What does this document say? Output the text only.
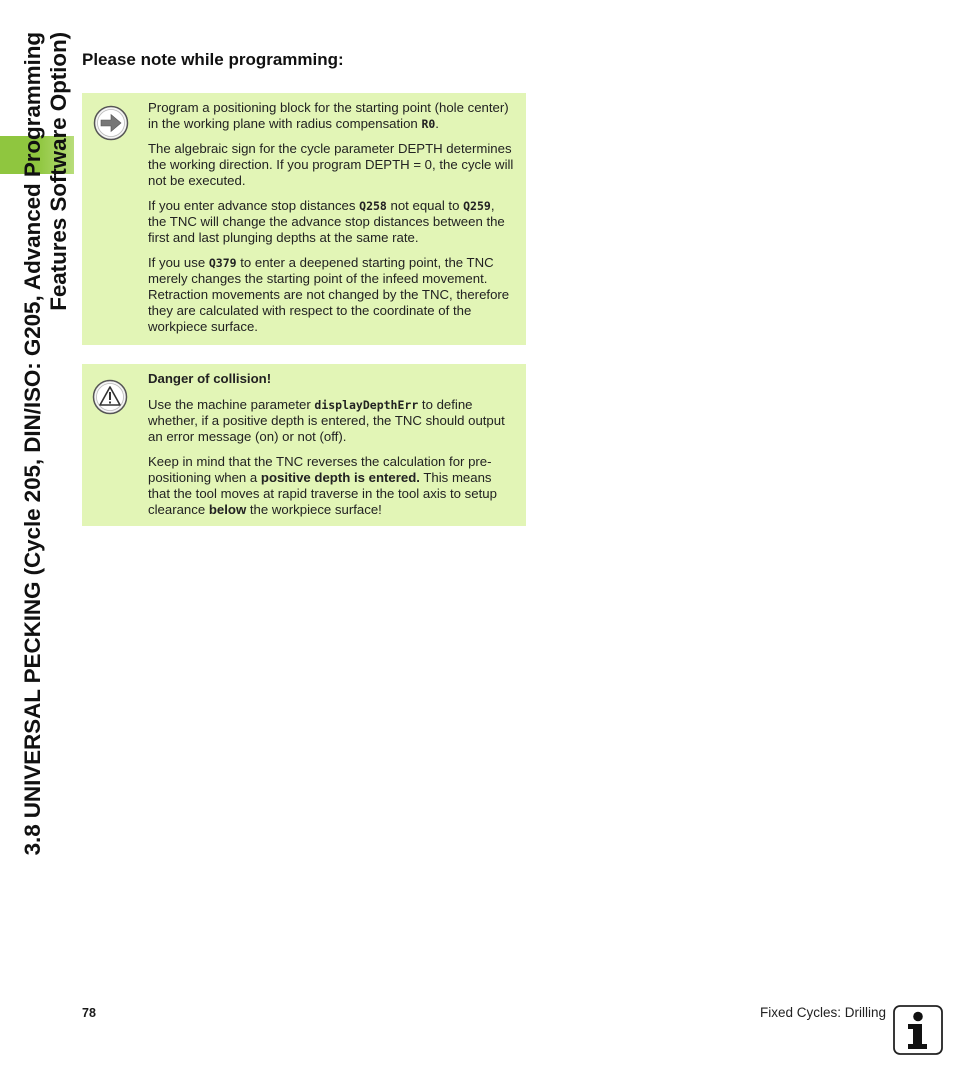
3.8 UNIVERSAL PECKING (Cycle 205, DIN/ISO: G205, Advanced Programming Features Software Option) Please note while programming:

Program a positioning block for the starting point (hole center) in the working plane with radius compensation R0.

The algebraic sign for the cycle parameter DEPTH determines the working direction. If you program DEPTH = 0, the cycle will not be executed.

If you enter advance stop distances Q258 not equal to Q259, the TNC will change the advance stop distances between the first and last plunging depths at the same rate.

If you use Q379 to enter a deepened starting point, the TNC merely changes the starting point of the infeed movement. Retraction movements are not changed by the TNC, therefore they are calculated with respect to the coordinate of the workpiece surface.

Danger of collision!

Use the machine parameter displayDepthErr to define whether, if a positive depth is entered, the TNC should output an error message (on) or not (off).

Keep in mind that the TNC reverses the calculation for pre-positioning when a positive depth is entered. This means that the tool moves at rapid traverse in the tool axis to setup clearance below the workpiece surface!

78	Fixed Cycles: Drilling
